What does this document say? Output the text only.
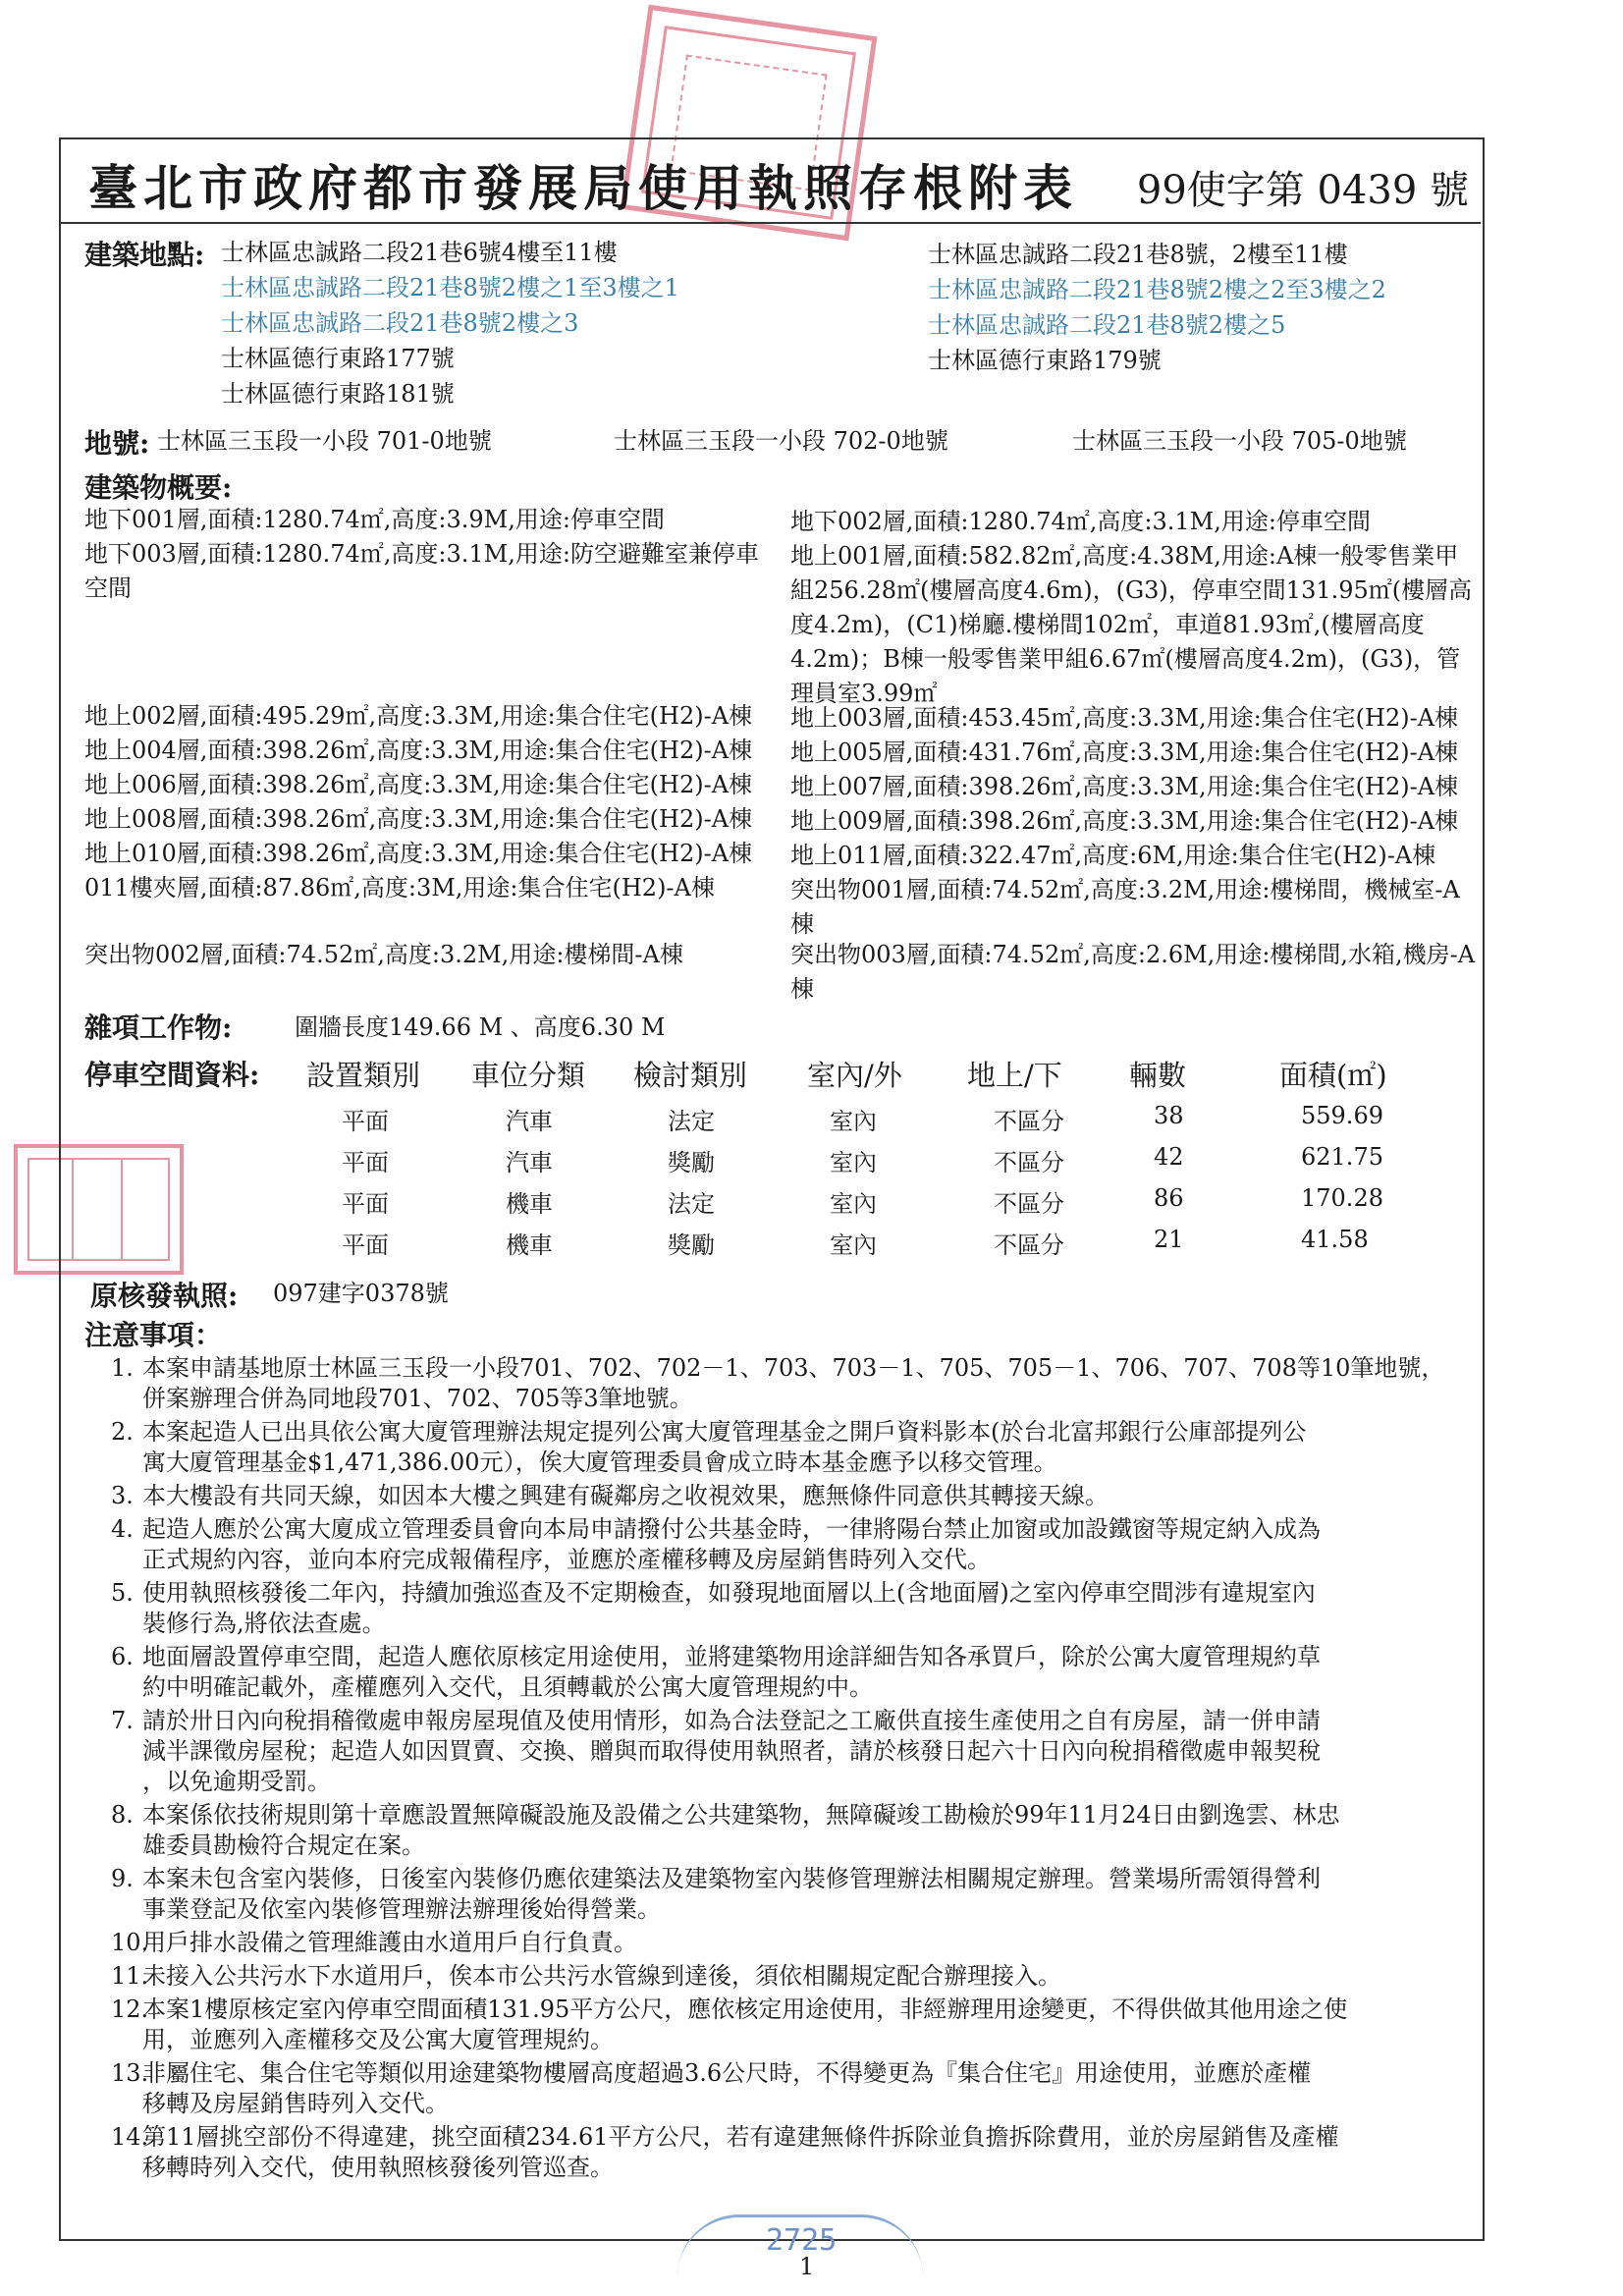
臺北市政府都市發展局使用執照存根附表 99使字第 0439 號
建築地點: 士林區忠誠路二段21巷6號4樓至11樓
士林區忠誠路二段21巷8號2樓之1至3樓之1
士林區忠誠路二段21巷8號2樓之3
士林區德行東路177號
士林區德行東路181號
士林區忠誠路二段21巷8號，2樓至11樓
士林區忠誠路二段21巷8號2樓之2至3樓之2
士林區忠誠路二段21巷8號2樓之5
士林區德行東路179號
地號: 士林區三玉段一小段 701-0地號	士林區三玉段一小段 702-0地號	士林區三玉段一小段 705-0地號
建築物概要:
地下001層,面積:1280.74㎡,高度:3.9M,用途:停車空間
地下003層,面積:1280.74㎡,高度:3.1M,用途:防空避難室兼停車空間
地上002層,面積:495.29㎡,高度:3.3M,用途:集合住宅(H2)-A棟
地上004層,面積:398.26㎡,高度:3.3M,用途:集合住宅(H2)-A棟
地上006層,面積:398.26㎡,高度:3.3M,用途:集合住宅(H2)-A棟
地上008層,面積:398.26㎡,高度:3.3M,用途:集合住宅(H2)-A棟
地上010層,面積:398.26㎡,高度:3.3M,用途:集合住宅(H2)-A棟
011樓夾層,面積:87.86㎡,高度:3M,用途:集合住宅(H2)-A棟
突出物002層,面積:74.52㎡,高度:3.2M,用途:樓梯間-A棟
地下002層,面積:1280.74㎡,高度:3.1M,用途:停車空間
地上001層,面積:582.82㎡,高度:4.38M,用途:A棟一般零售業甲組256.28㎡(樓層高度4.6m)，(G3)，停車空間131.95㎡(樓層高度4.2m)，(C1)梯廳.樓梯間102㎡，車道81.93㎡,(樓層高度4.2m)；B棟一般零售業甲組6.67㎡(樓層高度4.2m)，(G3)，管理員室3.99㎡
地上003層,面積:453.45㎡,高度:3.3M,用途:集合住宅(H2)-A棟
地上005層,面積:431.76㎡,高度:3.3M,用途:集合住宅(H2)-A棟
地上007層,面積:398.26㎡,高度:3.3M,用途:集合住宅(H2)-A棟
地上009層,面積:398.26㎡,高度:3.3M,用途:集合住宅(H2)-A棟
地上011層,面積:322.47㎡,高度:6M,用途:集合住宅(H2)-A棟
突出物001層,面積:74.52㎡,高度:3.2M,用途:樓梯間，機械室-A棟
突出物003層,面積:74.52㎡,高度:2.6M,用途:樓梯間,水箱,機房-A棟
雜項工作物:	圍牆長度149.66 M 、高度6.30 M
停車空間資料: 設置類別 車位分類 檢討類別 室內/外 地上/下 輛數	面積(㎡)
平面	汽車	法定	室內	不區分	38	559.69
平面	汽車	獎勵	室內	不區分	42	621.75
平面	機車	法定	室內	不區分	86	170.28
平面	機車	獎勵	室內	不區分	21	41.58
原核發執照: 097建字0378號
注意事項：
1. 本案申請基地原士林區三玉段一小段701、702、702－1、703、703－1、705、705－1、706、707、708等10筆地號，
併案辦理合併為同地段701、702、705等3筆地號。
2. 本案起造人已出具依公寓大廈管理辦法規定提列公寓大廈管理基金之開戶資料影本(於台北富邦銀行公庫部提列公
寓大廈管理基金$1,471,386.00元），俟大廈管理委員會成立時本基金應予以移交管理。
3. 本大樓設有共同天線，如因本大樓之興建有礙鄰房之收視效果，應無條件同意供其轉接天線。
4. 起造人應於公寓大廈成立管理委員會向本局申請撥付公共基金時，一律將陽台禁止加窗或加設鐵窗等規定納入成為
正式規約內容，並向本府完成報備程序，並應於產權移轉及房屋銷售時列入交代。
5. 使用執照核發後二年內，持續加強巡查及不定期檢查，如發現地面層以上(含地面層)之室內停車空間涉有違規室內
裝修行為,將依法查處。
6. 地面層設置停車空間，起造人應依原核定用途使用，並將建築物用途詳細告知各承買戶，除於公寓大廈管理規約草
約中明確記載外，產權應列入交代，且須轉載於公寓大廈管理規約中。
7. 請於卅日內向稅捐稽徵處申報房屋現值及使用情形，如為合法登記之工廠供直接生產使用之自有房屋，請一併申請
減半課徵房屋稅；起造人如因買賣、交換、贈與而取得使用執照者，請於核發日起六十日內向稅捐稽徵處申報契稅
，以免逾期受罰。
8. 本案係依技術規則第十章應設置無障礙設施及設備之公共建築物，無障礙竣工勘檢於99年11月24日由劉逸雲、林忠
雄委員勘檢符合規定在案。
9. 本案未包含室內裝修，日後室內裝修仍應依建築法及建築物室內裝修管理辦法相關規定辦理。營業場所需領得營利
事業登記及依室內裝修管理辦法辦理後始得營業。
10.
用戶排水設備之管理維護由水道用戶自行負責。
11.
未接入公共污水下水道用戶，俟本市公共污水管線到達後，須依相關規定配合辦理接入。
12.
本案1樓原核定室內停車空間面積131.95平方公尺，應依核定用途使用，非經辦理用途變更，不得供做其他用途之使
用，並應列入產權移交及公寓大廈管理規約。
13.
非屬住宅、集合住宅等類似用途建築物樓層高度超過3.6公尺時，不得變更為『集合住宅』用途使用，並應於產權
移轉及房屋銷售時列入交代。
14.
第11層挑空部份不得違建，挑空面積234.61平方公尺，若有違建無條件拆除並負擔拆除費用，並於房屋銷售及產權
移轉時列入交代，使用執照核發後列管巡查。
2725
1
